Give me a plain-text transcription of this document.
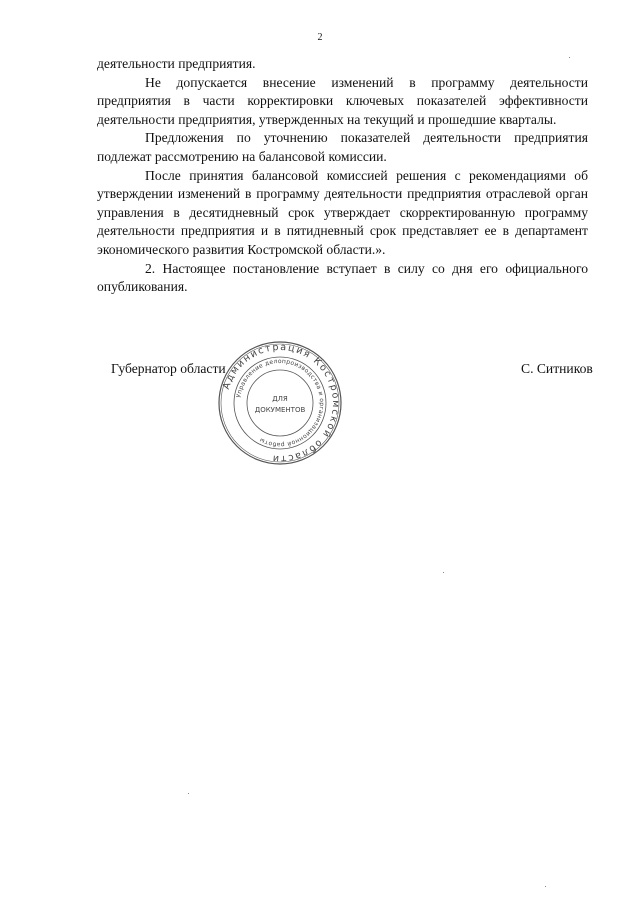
2

деятельности предприятия.

Не допускается внесение изменений в программу деятельности предприятия в части корректировки ключевых показателей эффективности деятельности предприятия, утвержденных на текущий и прошедшие кварталы.

Предложения по уточнению показателей деятельности предприятия подлежат рассмотрению на балансовой комиссии.

После принятия балансовой комиссией решения с рекомендациями об утверждении изменений в программу деятельности предприятия отраслевой орган управления в десятидневный срок утверждает скорректированную программу деятельности предприятия и в пятидневный срок представляет ее в департамент экономического развития Костромской области.».

2. Настоящее постановление вступает в силу со дня его официального опубликования.

Губернатор области	С. Ситников
Администрация Костромской области
Управление делопроизводства и организационной работы
ДЛЯ
ДОКУМЕНТОВ
